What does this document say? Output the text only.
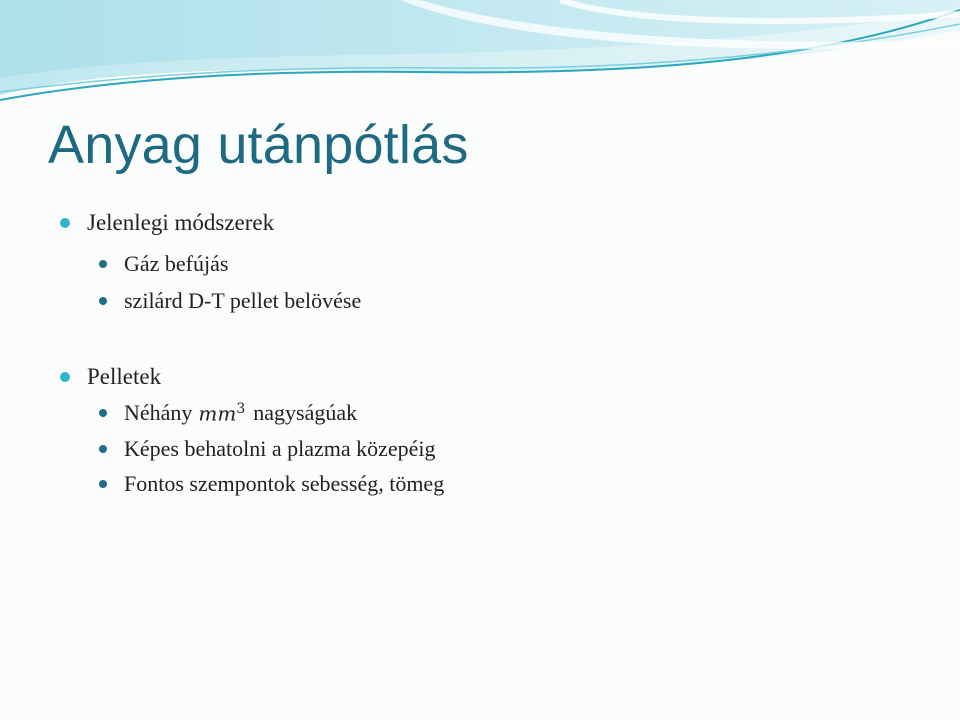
Anyag utánpótlás
Jelenlegi módszerek
Gáz befújás
szilárd D-T pellet belövése
Pelletek
Néhány $mm^3$ nagyságúak
Képes behatolni a plazma közepéig
Fontos szempontok sebesség, tömeg
